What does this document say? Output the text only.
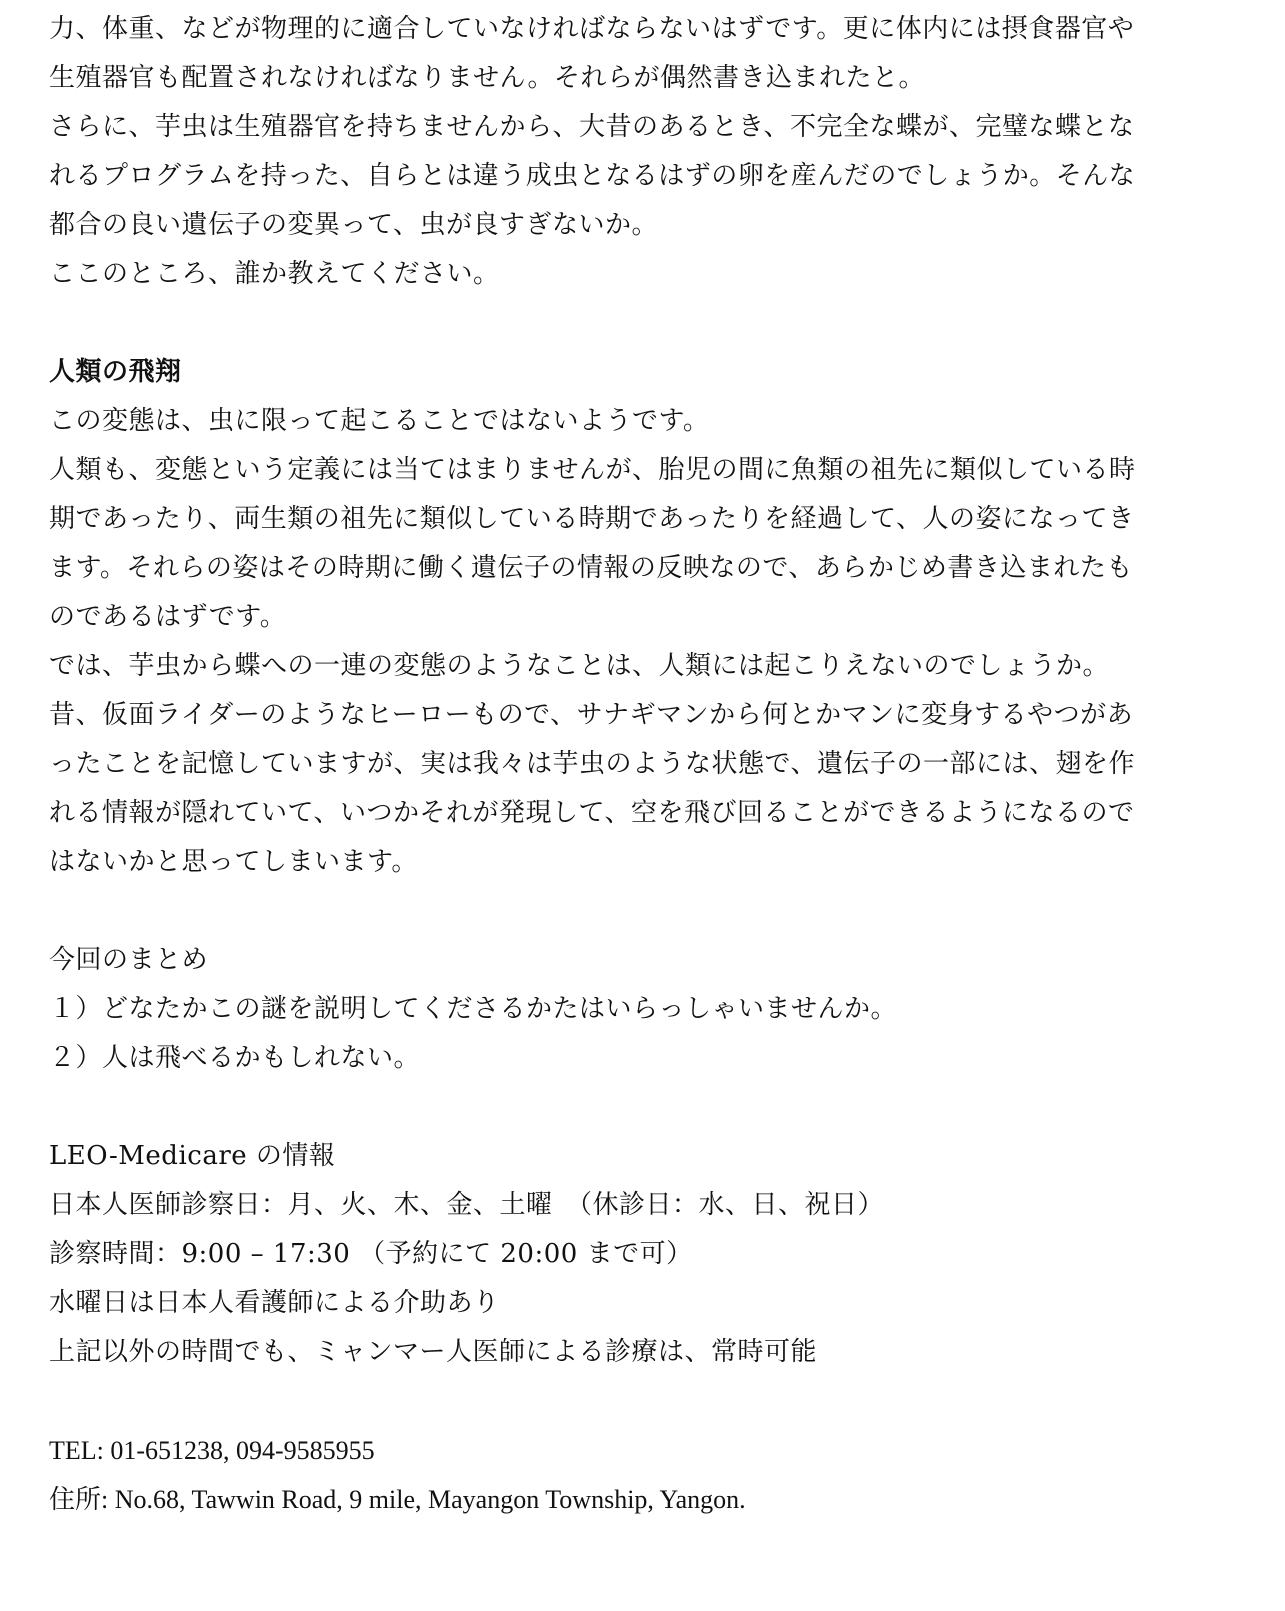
力、体重、などが物理的に適合していなければならないはずです。更に体内には摂食器官や
生殖器官も配置されなければなりません。それらが偶然書き込まれたと。
さらに、芋虫は生殖器官を持ちませんから、大昔のあるとき、不完全な蝶が、完璧な蝶とな
れるプログラムを持った、自らとは違う成虫となるはずの卵を産んだのでしょうか。そんな
都合の良い遺伝子の変異って、虫が良すぎないか。
ここのところ、誰か教えてください。
人類の飛翔
この変態は、虫に限って起こることではないようです。
人類も、変態という定義には当てはまりませんが、胎児の間に魚類の祖先に類似している時
期であったり、両生類の祖先に類似している時期であったりを経過して、人の姿になってき
ます。それらの姿はその時期に働く遺伝子の情報の反映なので、あらかじめ書き込まれたも
のであるはずです。
では、芋虫から蝶への一連の変態のようなことは、人類には起こりえないのでしょうか。
昔、仮面ライダーのようなヒーローもので、サナギマンから何とかマンに変身するやつがあ
ったことを記憶していますが、実は我々は芋虫のような状態で、遺伝子の一部には、翅を作
れる情報が隠れていて、いつかそれが発現して、空を飛び回ることができるようになるので
はないかと思ってしまいます。
今回のまとめ
１）どなたかこの謎を説明してくださるかたはいらっしゃいませんか。
２）人は飛べるかもしれない。
LEO-Medicare の情報
日本人医師診察日：月、火、木、金、土曜　（休診日：水、日、祝日）
診察時間：9:00 – 17:30 （予約にて 20:00 まで可）
水曜日は日本人看護師による介助あり
上記以外の時間でも、ミャンマー人医師による診療は、常時可能
TEL: 01-651238, 094-9585955
住所: No.68, Tawwin Road, 9 mile, Mayangon Township, Yangon.
